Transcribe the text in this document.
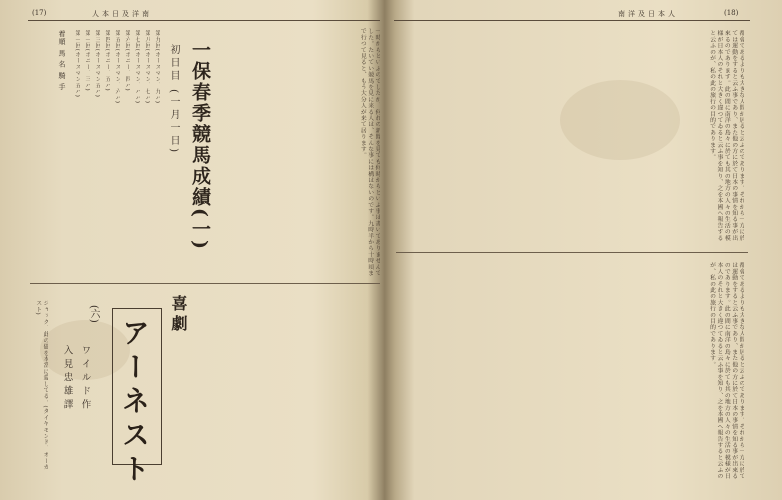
(17)	人本日及洋南
着順 馬 名 騎 手	第一回(ホースマン五ハ) 第一回(ポニー、三ハ) 第三回(ホースマン五ハ) 第四回(ポニー、五ハ) 第五回(ホースマン、六ハ) 第六回(ポニー、四ハ) 第七回(ホースマン、ハハ) 第八回(ホースマン、七ハ) 第九回(ホースマン、九ハ) 初日目 (一月一日) 一保春季競馬成績(一)	一時からといふのでしたが、何れの新聞を見ても何時からといふ事は書いてありませんでした。たいてい競馬を見に来る人は、そんな事には構はないのです。九時半から十時頃まで行つて見ると、もう大分人が来て居ります。
アーネスト
喜劇
(六)
ワイルド作
入見忠雄譯
ジャック、此の儘を本當に愛してる。(ダイヤモンド、オーガスト)
南洋及日本人	(18)
都會であるよりも大きな人間が居ると云ふのであります。それから一方に於ては運動をすると云ふ事であり、また他の方に於て日本の事情を知る事が出來るのであります。此の間に南洋の島々に於ても其の地方の人々の生活の模様が日本人のそれと大きく違つてゐると云ふ事を知り、之を本國へ報告すると云ふのが、私の此の旅行の目的であります。
都會であるよりも大きな人間が居ると云ふのであります。それから一方に於ては運動をすると云ふ事であり、また他の方に於て日本の事情を知る事が出來るのであります。此の間に南洋の島々に於ても其の地方の人々の生活の模様が日本人のそれと大きく違つてゐると云ふ事を知り、之を本國へ報告すると云ふのが、私の此の旅行の目的であります。
